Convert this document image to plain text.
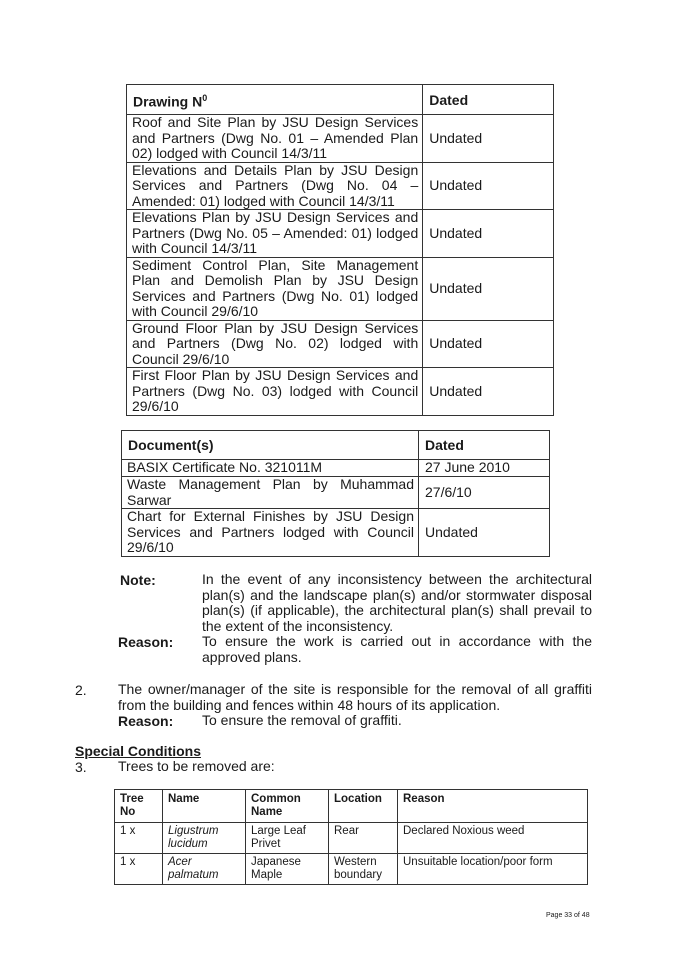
Drawing $N^0$	Dated
Roof and Site Plan by JSU Design Services and Partners (Dwg No. 01 – Amended Plan 02) lodged with Council 14/3/11	Undated
Elevations and Details Plan by JSU Design Services and Partners (Dwg No. 04 – Amended: 01) lodged with Council 14/3/11	Undated
Elevations Plan by JSU Design Services and Partners (Dwg No. 05 – Amended: 01) lodged with Council 14/3/11	Undated
Sediment Control Plan, Site Management Plan and Demolish Plan by JSU Design Services and Partners (Dwg No. 01) lodged with Council 29/6/10	Undated
Ground Floor Plan by JSU Design Services and Partners (Dwg No. 02) lodged with Council 29/6/10	Undated
First Floor Plan by JSU Design Services and Partners (Dwg No. 03) lodged with Council 29/6/10	Undated
Document(s)	Dated
BASIX Certificate No. 321011M	27 June 2010
Waste Management Plan by Muhammad Sarwar	27/6/10
Chart for External Finishes by JSU Design Services and Partners lodged with Council 29/6/10	Undated
Note:	In the event of any inconsistency between the architectural plan(s) and the landscape plan(s) and/or stormwater disposal plan(s) (if applicable), the architectural plan(s) shall prevail to the extent of the inconsistency.
Reason: To ensure the work is carried out in accordance with the approved plans.
2. The owner/manager of the site is responsible for the removal of all graffiti from the building and fences within 48 hours of its application.
Reason: To ensure the removal of graffiti.
Special Conditions
3. Trees to be removed are:
Tree No	Name	Common Name	Location	Reason
1 x	Ligustrum lucidum	Large Leaf Privet	Rear	Declared Noxious weed
1 x	Acer palmatum	Japanese Maple	Western boundary	Unsuitable location/poor form
Page 33 of 48
